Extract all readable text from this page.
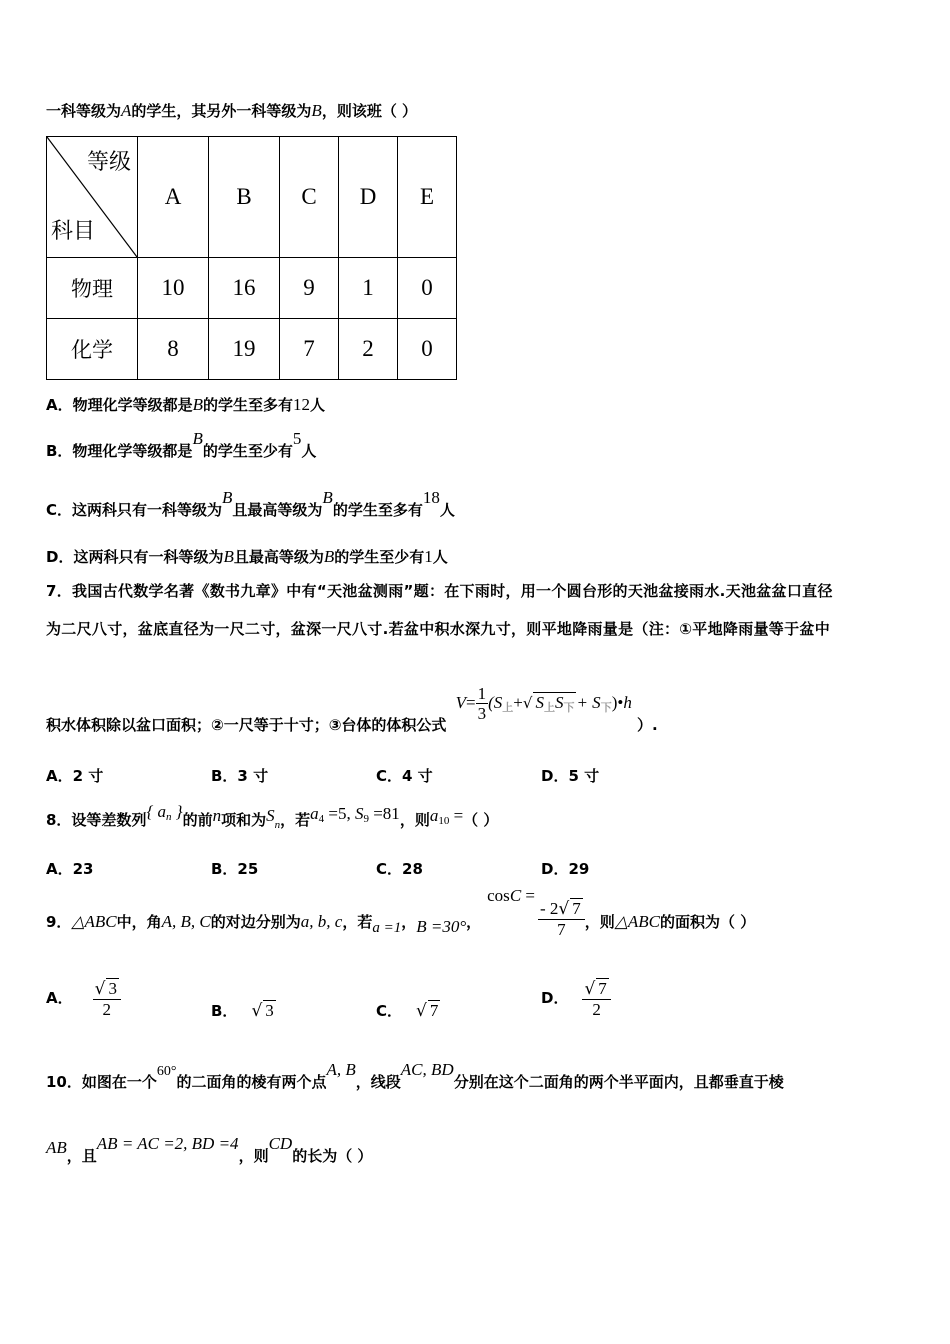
一科等级为A的学生，其另外一科等级为B，则该班（ ）
等级
科目	A	B	C	D	E
物理	10	16	9	1	0
化学	8	19	7	2	0
A．物理化学等级都是B的学生至多有12人
B．物理化学等级都是B的学生至少有5人
C．这两科只有一科等级为B且最高等级为B的学生至多有18人
D．这两科只有一科等级为B且最高等级为B的学生至少有1人
7．我国古代数学名著《数书九章》中有“天池盆测雨”题：在下雨时，用一个圆台形的天池盆接雨水.天池盆盆口直径
为二尺八寸，盆底直径为一尺二寸，盆深一尺八寸.若盆中积水深九寸，则平地降雨量是（注：①平地降雨量等于盆中
积水体积除以盆口面积；②一尺等于十寸；③台体的体积公式 $V= \frac{1}{3} (S_上+√$ $S_上S_下$ + $S_下)•h$ ）.
A．2 寸	B．3 寸	C．4 寸	D．5 寸
8．设等差数列{ an }的前n项和为$S_n$，若$a_4 =5$, $S_9 =81$，则$a_{10}$ =（ ）
A．23	B．25	C．28	D．29
9．△ABC中，角A, B, C的对边分别为a, b, c，若a =1，B =30°，cosC =
$\frac{- 2√ 7}{7}$ ，则△ABC的面积为（ ）
A． $\frac{√ 3}{2}$	B． √ 3	C． √ 7
D． $\frac{√ 7}{2}$
10．如图在一个60°的二面角的棱有两个点A, B，线段AC, BD分别在这个二面角的两个半平面内，且都垂直于棱
AB，且AB = AC =2, BD =4，则CD的长为（ ）
